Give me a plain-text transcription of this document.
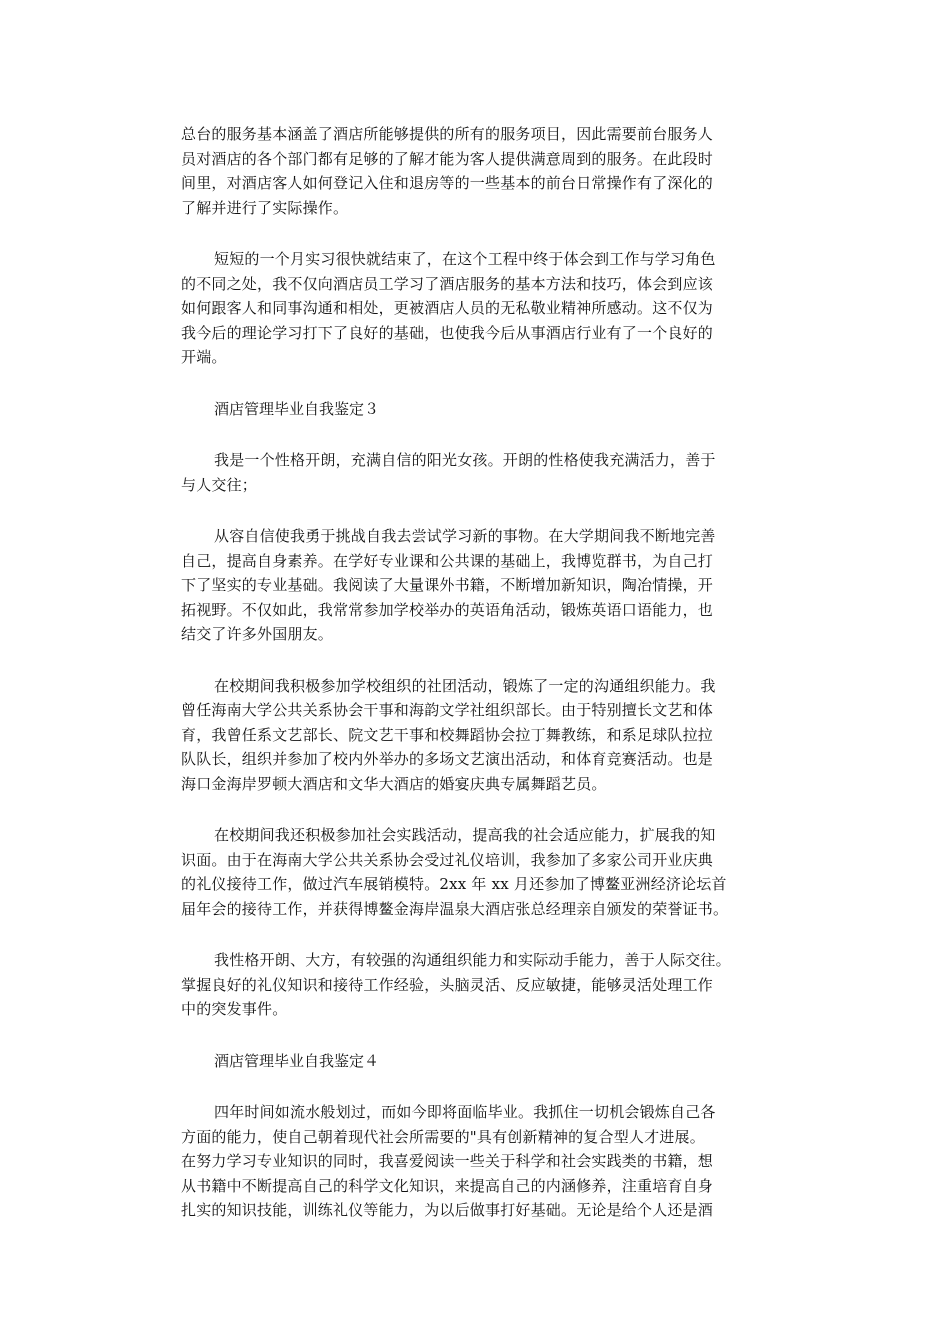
总台的服务基本涵盖了酒店所能够提供的所有的服务项目，因此需要前台服务人
员对酒店的各个部门都有足够的了解才能为客人提供满意周到的服务。在此段时
间里，对酒店客人如何登记入住和退房等的一些基本的前台日常操作有了深化的
了解并进行了实际操作。
短短的一个月实习很快就结束了，在这个工程中终于体会到工作与学习角色
的不同之处，我不仅向酒店员工学习了酒店服务的基本方法和技巧，体会到应该
如何跟客人和同事沟通和相处，更被酒店人员的无私敬业精神所感动。这不仅为
我今后的理论学习打下了良好的基础，也使我今后从事酒店行业有了一个良好的
开端。
酒店管理毕业自我鉴定３
我是一个性格开朗，充满自信的阳光女孩。开朗的性格使我充满活力，善于
与人交往；
从容自信使我勇于挑战自我去尝试学习新的事物。在大学期间我不断地完善
自己，提高自身素养。在学好专业课和公共课的基础上，我博览群书，为自己打
下了坚实的专业基础。我阅读了大量课外书籍，不断增加新知识，陶冶情操，开
拓视野。不仅如此，我常常参加学校举办的英语角活动，锻炼英语口语能力，也
结交了许多外国朋友。
在校期间我积极参加学校组织的社团活动，锻炼了一定的沟通组织能力。我
曾任海南大学公共关系协会干事和海韵文学社组织部长。由于特别擅长文艺和体
育，我曾任系文艺部长、院文艺干事和校舞蹈协会拉丁舞教练，和系足球队拉拉
队队长，组织并参加了校内外举办的多场文艺演出活动，和体育竞赛活动。也是
海口金海岸罗顿大酒店和文华大酒店的婚宴庆典专属舞蹈艺员。
在校期间我还积极参加社会实践活动，提高我的社会适应能力，扩展我的知
识面。由于在海南大学公共关系协会受过礼仪培训，我参加了多家公司开业庆典
的礼仪接待工作，做过汽车展销模特。2xx 年 xx 月还参加了博鳌亚洲经济论坛首
届年会的接待工作，并获得博鳌金海岸温泉大酒店张总经理亲自颁发的荣誉证书。
我性格开朗、大方，有较强的沟通组织能力和实际动手能力，善于人际交往。
掌握良好的礼仪知识和接待工作经验，头脑灵活、反应敏捷，能够灵活处理工作
中的突发事件。
酒店管理毕业自我鉴定４
四年时间如流水般划过，而如今即将面临毕业。我抓住一切机会锻炼自己各
方面的能力，使自己朝着现代社会所需要的"具有创新精神的复合型人才进展。
在努力学习专业知识的同时，我喜爱阅读一些关于科学和社会实践类的书籍，想
从书籍中不断提高自己的科学文化知识，来提高自己的内涵修养，注重培育自身
扎实的知识技能，训练礼仪等能力，为以后做事打好基础。无论是给个人还是酒
